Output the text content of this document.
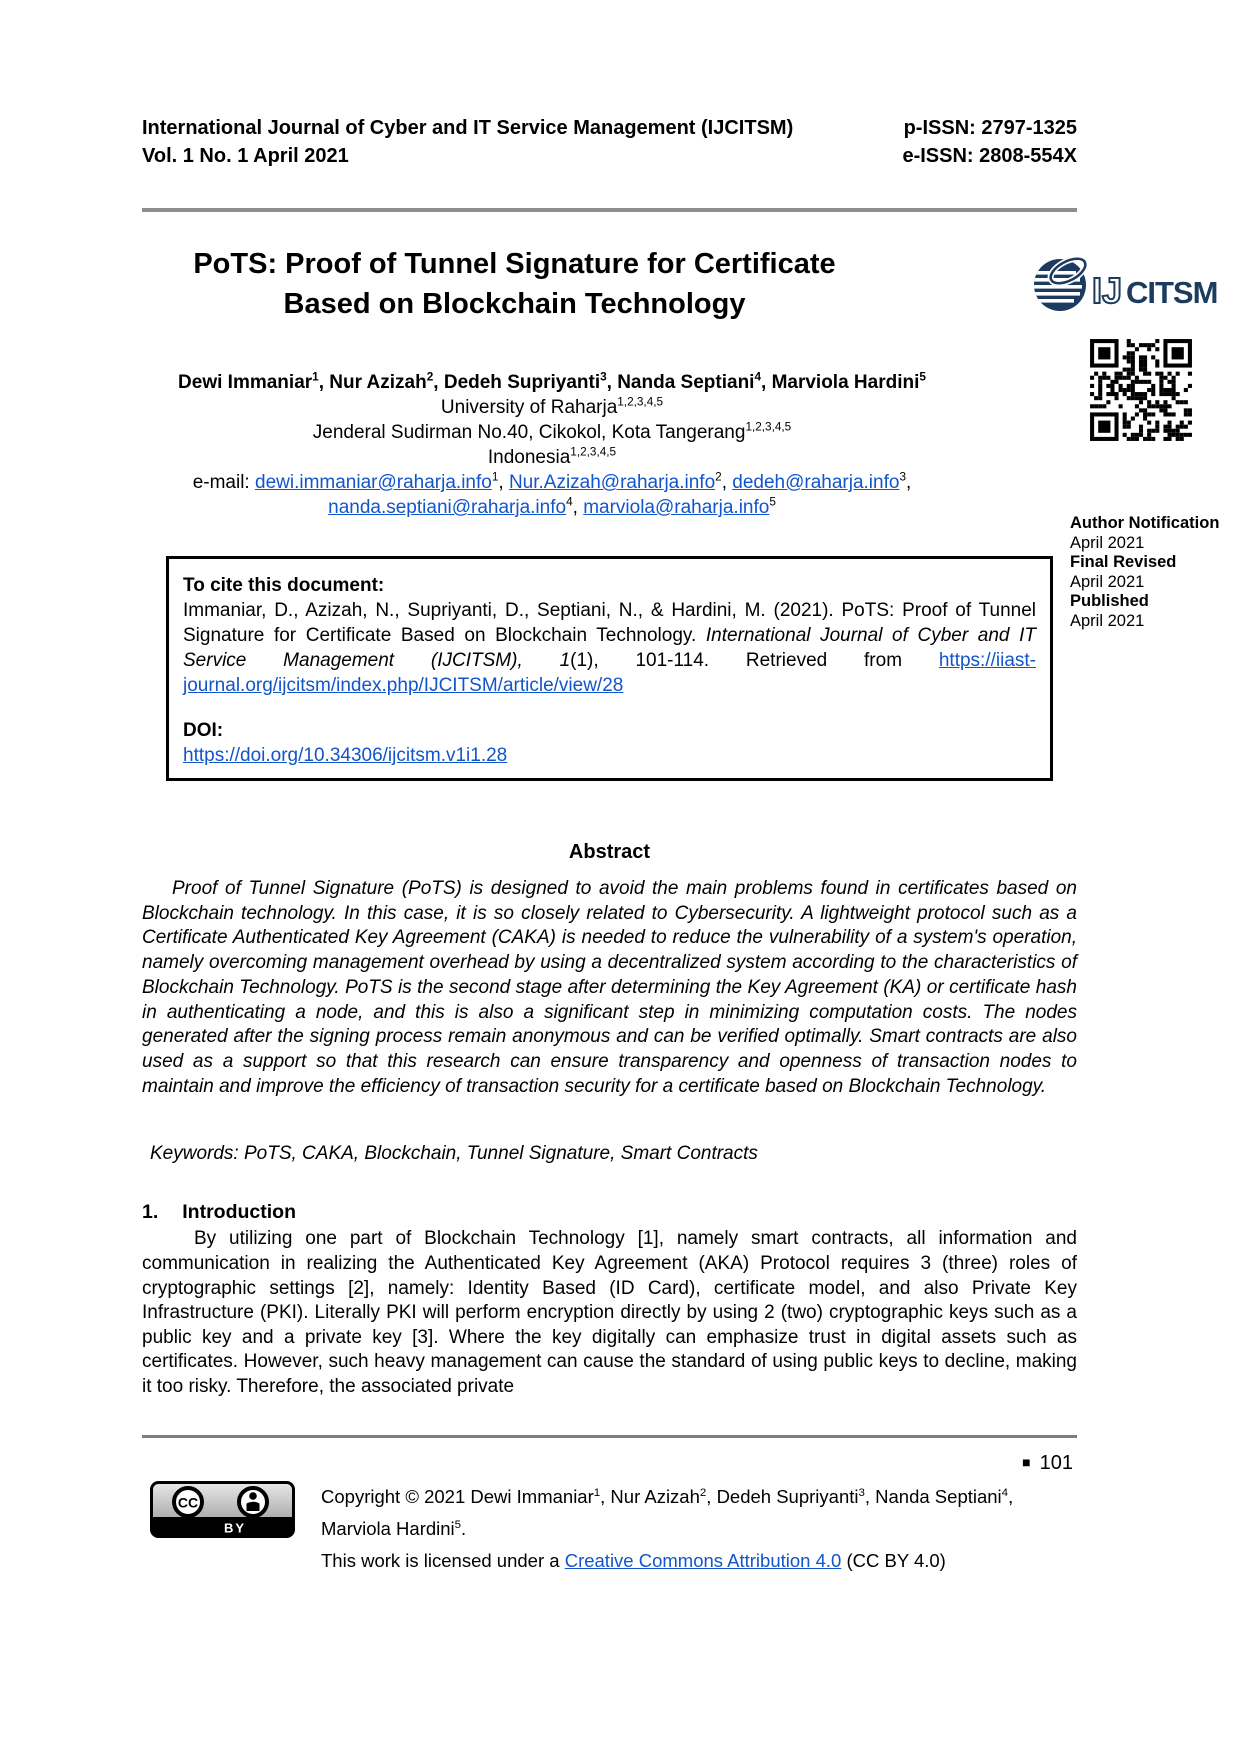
International Journal of Cyber and IT Service Management (IJCITSM)	p-ISSN: 2797-1325
Vol. 1 No. 1 April 2021	e-ISSN: 2808-554X
PoTS: Proof of Tunnel Signature for Certificate
Based on Blockchain Technology	IJ CITSM
Dewi Immaniar$^1$, Nur Azizah$^2$, Dedeh Supriyanti$^3$, Nanda Septiani$^4$, Marviola Hardini$^5$
University of Raharja$^{1,2,3,4,5}$
Jenderal Sudirman No.40, Cikokol, Kota Tangerang$^{1,2,3,4,5}$
Indonesia$^{1,2,3,4,5}$
e-mail: dewi.immaniar@raharja.info$^1$, Nur.Azizah@raharja.info$^2$, dedeh@raharja.info$^3$,
nanda.septiani@raharja.info$^4$, marviola@raharja.info$^5$
Author Notification
April 2021
Final Revised
April 2021
Published
April 2021
To cite this document:

Immaniar, D., Azizah, N., Supriyanti, D., Septiani, N., & Hardini, M. (2021). PoTS: Proof of Tunnel Signature for Certificate Based on Blockchain Technology. International Journal of Cyber and IT Service Management (IJCITSM), 1(1), 101-114. Retrieved from https://iiast-journal.org/ijcitsm/index.php/IJCITSM/article/view/28

DOI:
https://doi.org/10.34306/ijcitsm.v1i1.28
Abstract

Proof of Tunnel Signature (PoTS) is designed to avoid the main problems found in certificates based on Blockchain technology. In this case, it is so closely related to Cybersecurity. A lightweight protocol such as a Certificate Authenticated Key Agreement (CAKA) is needed to reduce the vulnerability of a system's operation, namely overcoming management overhead by using a decentralized system according to the characteristics of Blockchain Technology. PoTS is the second stage after determining the Key Agreement (KA) or certificate hash in authenticating a node, and this is also a significant step in minimizing computation costs. The nodes generated after the signing process remain anonymous and can be verified optimally. Smart contracts are also used as a support so that this research can ensure transparency and openness of transaction nodes to maintain and improve the efficiency of transaction security for a certificate based on Blockchain Technology.

Keywords: PoTS, CAKA, Blockchain, Tunnel Signature, Smart Contracts
1. Introduction

By utilizing one part of Blockchain Technology [1], namely smart contracts, all information and communication in realizing the Authenticated Key Agreement (AKA) Protocol requires 3 (three) roles of cryptographic settings [2], namely: Identity Based (ID Card), certificate model, and also Private Key Infrastructure (PKI). Literally PKI will perform encryption directly by using 2 (two) cryptographic keys such as a public key and a private key [3]. Where the key digitally can emphasize trust in digital assets such as certificates. However, such heavy management can cause the standard of using public keys to decline, making it too risky. Therefore, the associated private

■ 101
CC
BY
Copyright © 2021 Dewi Immaniar$^1$, Nur Azizah$^2$, Dedeh Supriyanti$^3$, Nanda Septiani$^4$, Marviola Hardini$^5$.
This work is licensed under a Creative Commons Attribution 4.0 (CC BY 4.0)
